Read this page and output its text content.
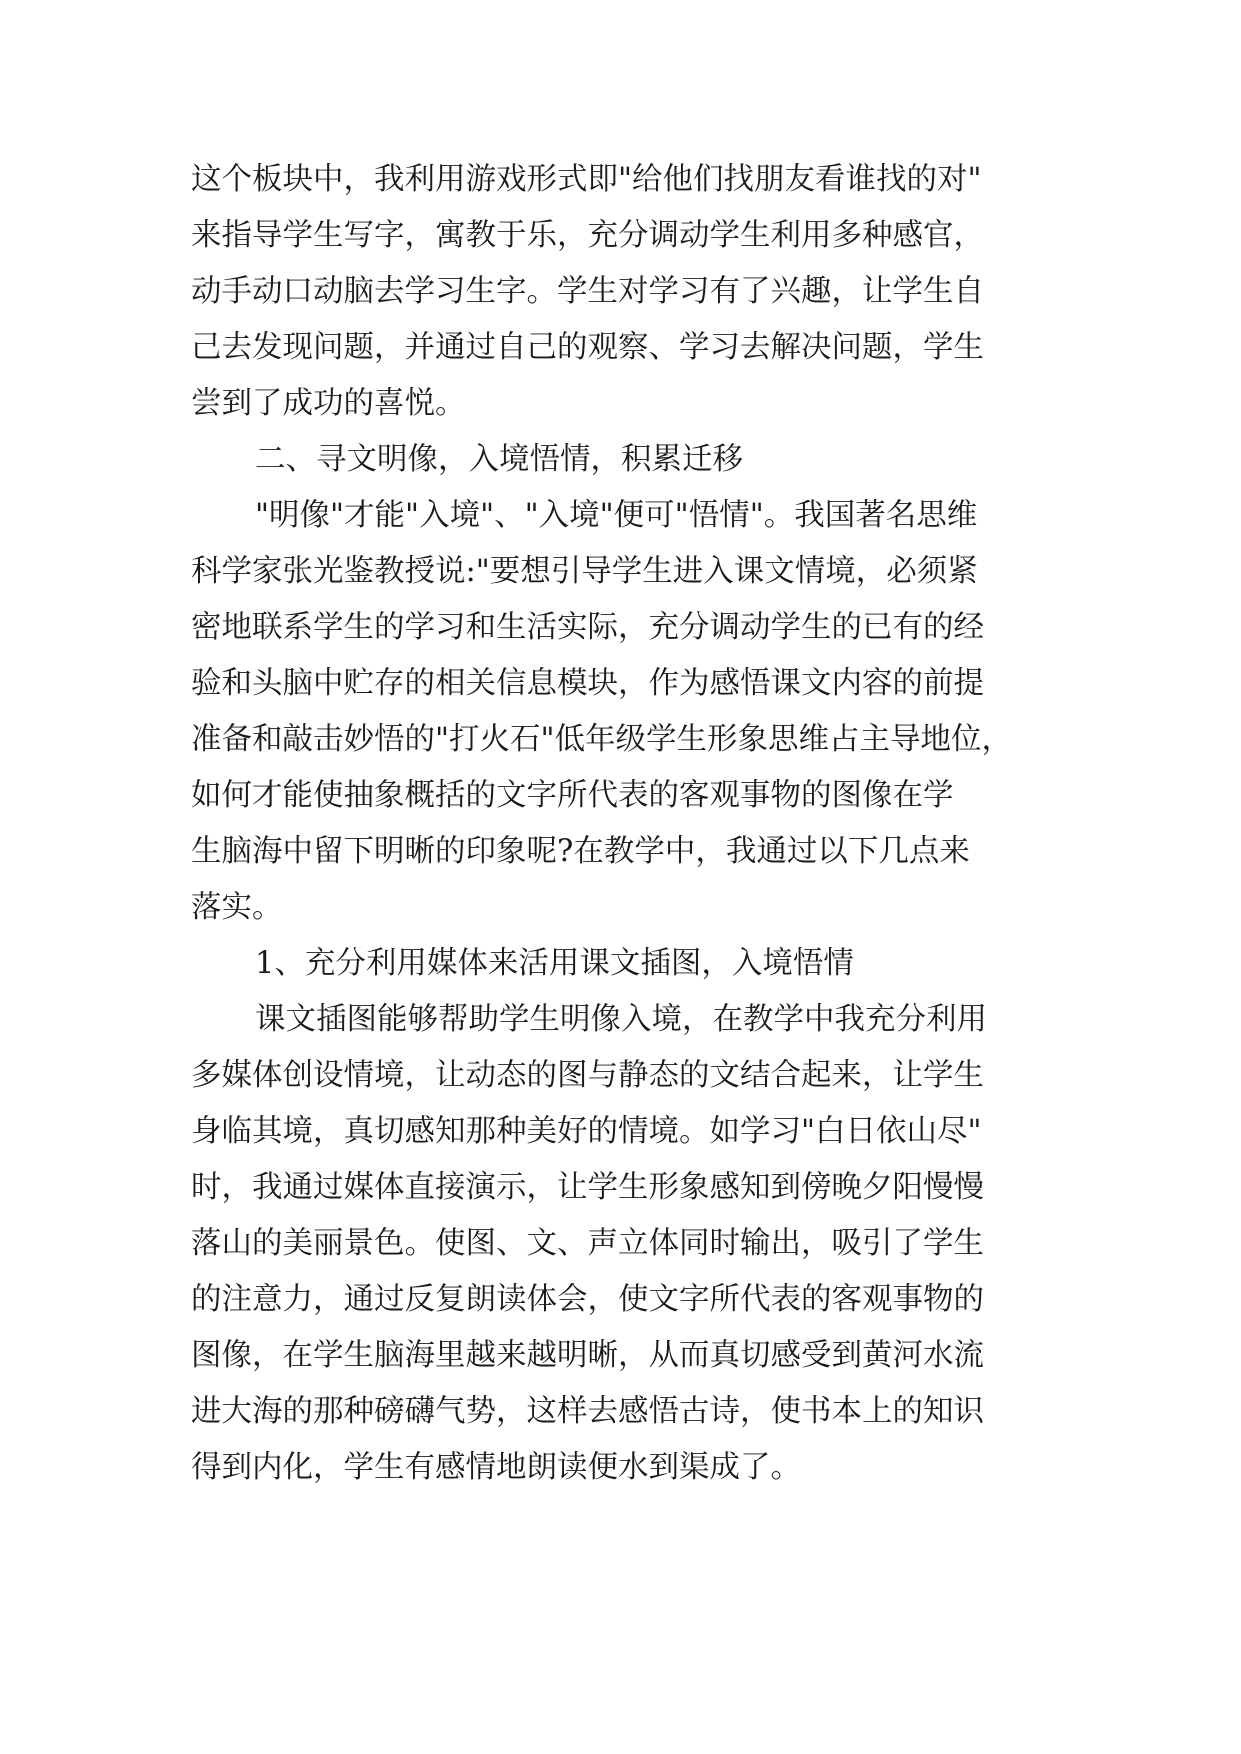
这个板块中，我利用游戏形式即"给他们找朋友看谁找的对"
来指导学生写字，寓教于乐，充分调动学生利用多种感官，
动手动口动脑去学习生字。学生对学习有了兴趣，让学生自
己去发现问题，并通过自己的观察、学习去解决问题，学生
尝到了成功的喜悦。
二、寻文明像，入境悟情，积累迁移
"明像"才能"入境"、"入境"便可"悟情"。我国著名思维
科学家张光鉴教授说:"要想引导学生进入课文情境，必须紧
密地联系学生的学习和生活实际，充分调动学生的已有的经
验和头脑中贮存的相关信息模块，作为感悟课文内容的前提
准备和敲击妙悟的"打火石"低年级学生形象思维占主导地位，
如何才能使抽象概括的文字所代表的客观事物的图像在学
生脑海中留下明晰的印象呢?在教学中，我通过以下几点来
落实。
1、充分利用媒体来活用课文插图，入境悟情
课文插图能够帮助学生明像入境，在教学中我充分利用
多媒体创设情境，让动态的图与静态的文结合起来，让学生
身临其境，真切感知那种美好的情境。如学习"白日依山尽"
时，我通过媒体直接演示，让学生形象感知到傍晚夕阳慢慢
落山的美丽景色。使图、文、声立体同时输出，吸引了学生
的注意力，通过反复朗读体会，使文字所代表的客观事物的
图像，在学生脑海里越来越明晰，从而真切感受到黄河水流
进大海的那种磅礴气势，这样去感悟古诗，使书本上的知识
得到内化，学生有感情地朗读便水到渠成了。
